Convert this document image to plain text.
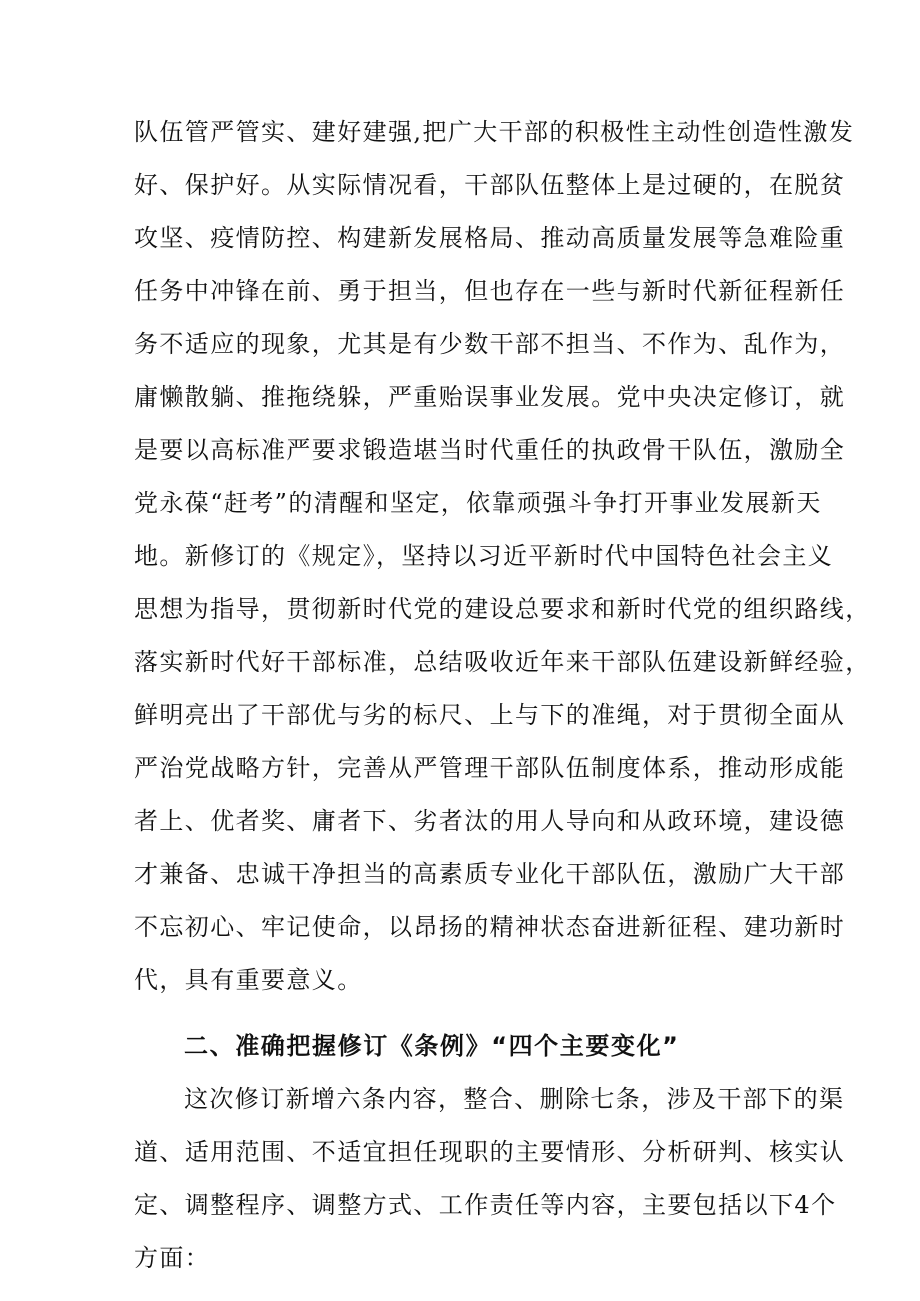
队伍管严管实、建好建强,把广大干部的积极性主动性创造性激发
好、保护好。从实际情况看，干部队伍整体上是过硬的，在脱贫
攻坚、疫情防控、构建新发展格局、推动高质量发展等急难险重
任务中冲锋在前、勇于担当，但也存在一些与新时代新征程新任
务不适应的现象，尤其是有少数干部不担当、不作为、乱作为，
庸懒散躺、推拖绕躲，严重贻误事业发展。党中央决定修订，就
是要以高标准严要求锻造堪当时代重任的执政骨干队伍，激励全
党永葆“赶考”的清醒和坚定，依靠顽强斗争打开事业发展新天
地。新修订的《规定》，坚持以习近平新时代中国特色社会主义
思想为指导，贯彻新时代党的建设总要求和新时代党的组织路线，
落实新时代好干部标准，总结吸收近年来干部队伍建设新鲜经验，
鲜明亮出了干部优与劣的标尺、上与下的准绳，对于贯彻全面从
严治党战略方针，完善从严管理干部队伍制度体系，推动形成能
者上、优者奖、庸者下、劣者汰的用人导向和从政环境，建设德
才兼备、忠诚干净担当的高素质专业化干部队伍，激励广大干部
不忘初心、牢记使命，以昂扬的精神状态奋进新征程、建功新时
代，具有重要意义。
二、准确把握修订《条例》“四个主要变化”
这次修订新增六条内容，整合、删除七条，涉及干部下的渠
道、适用范围、不适宜担任现职的主要情形、分析研判、核实认
定、调整程序、调整方式、工作责任等内容，主要包括以下4个
方面：
